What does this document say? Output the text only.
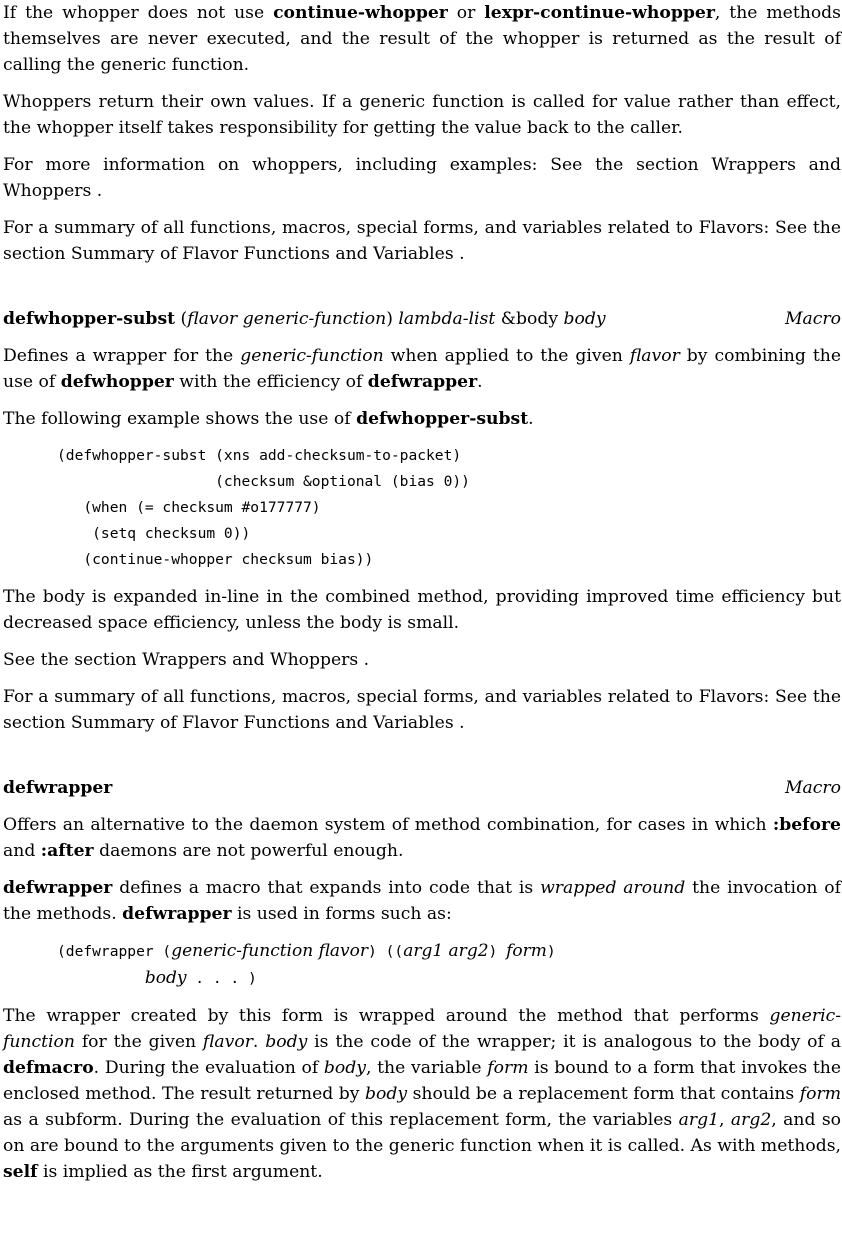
If the whopper does not use continue-whopper or lexpr-continue-whopper, the methods themselves are never executed, and the result of the whopper is returned as the result of calling the generic function.

Whoppers return their own values. If a generic function is called for value rather than effect, the whopper itself takes responsibility for getting the value back to the caller.

For more information on whoppers, including examples: See the section Wrappers and Whoppers .

For a summary of all functions, macros, special forms, and variables related to Flavors: See the section Summary of Flavor Functions and Variables .

defwhopper-subst (flavor generic-function) lambda-list &body body	Macro

Defines a wrapper for the generic-function when applied to the given flavor by combining the use of defwhopper with the efficiency of defwrapper.

The following example shows the use of defwhopper-subst.

(defwhopper-subst (xns add-checksum-to-packet)
(checksum &optional (bias 0))
(when (= checksum #o177777)
(setq checksum 0))
(continue-whopper checksum bias))

The body is expanded in-line in the combined method, providing improved time efficiency but decreased space efficiency, unless the body is small.

See the section Wrappers and Whoppers .

For a summary of all functions, macros, special forms, and variables related to Flavors: See the section Summary of Flavor Functions and Variables .

defwrapper	Macro

Offers an alternative to the daemon system of method combination, for cases in which :before and :after daemons are not powerful enough.

defwrapper defines a macro that expands into code that is wrapped around the invocation of the methods. defwrapper is used in forms such as:

(defwrapper (generic-function flavor) ((arg1 arg2) form)
body . . . )

The wrapper created by this form is wrapped around the method that performs generic-function for the given flavor. body is the code of the wrapper; it is analogous to the body of a defmacro. During the evaluation of body, the variable form is bound to a form that invokes the enclosed method. The result returned by body should be a replacement form that contains form as a subform. During the evaluation of this replacement form, the variables arg1, arg2, and so on are bound to the arguments given to the generic function when it is called. As with methods, self is implied as the first argument.
